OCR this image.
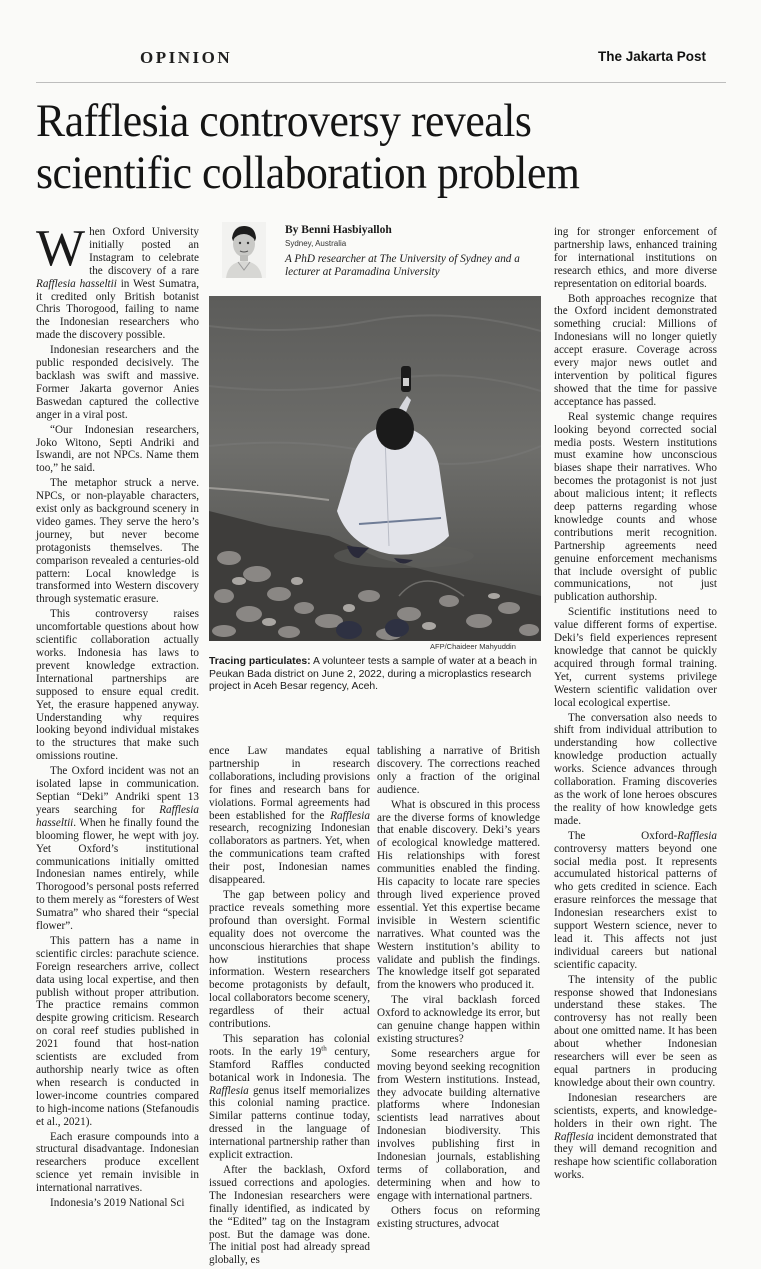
OPINION	The Jakarta Post
Rafflesia controversy reveals
scientific collaboration problem

When Oxford University initially posted an Instagram to celebrate the discovery of a rare Rafflesia hasseltii in West Sumatra, it credited only British botanist Chris Thorogood, failing to name the Indonesian researchers who made the discovery possible.

Indonesian researchers and the public responded decisively. The backlash was swift and massive. Former Jakarta governor Anies Baswedan captured the collective anger in a viral post.

“Our Indonesian researchers, Joko Witono, Septi Andriki and Iswandi, are not NPCs. Name them too,” he said.

The metaphor struck a nerve. NPCs, or non-playable characters, exist only as background scenery in video games. They serve the hero’s journey, but never become protagonists themselves. The comparison revealed a centuries-old pattern: Local knowledge is transformed into Western discovery through systematic erasure.

This controversy raises uncomfortable questions about how scientific collaboration actually works. Indonesia has laws to prevent knowledge extraction. International partnerships are supposed to ensure equal credit. Yet, the erasure happened anyway. Understanding why requires looking beyond individual mistakes to the structures that make such omissions routine.

The Oxford incident was not an isolated lapse in communication. Septian “Deki” Andriki spent 13 years searching for Rafflesia hasseltii. When he finally found the blooming flower, he wept with joy. Yet Oxford’s institutional communications initially omitted Indonesian names entirely, while Thorogood’s personal posts referred to them merely as “foresters of West Sumatra” who shared their “special flower”.

This pattern has a name in scientific circles: parachute science. Foreign researchers arrive, collect data using local expertise, and then publish without proper attribution. The practice remains common despite growing criticism. Research on coral reef studies published in 2021 found that host-nation scientists are excluded from authorship nearly twice as often when research is conducted in lower-income countries compared to high-income nations (Stefanoudis et al., 2021).

Each erasure compounds into a structural disadvantage. Indonesian researchers produce excellent science yet remain invisible in international narratives.

Indonesia’s 2019 National Sci

By Benni Hasbiyalloh
Sydney, Australia
A PhD researcher at The University of Sydney and a lecturer at Paramadina University
AFP/Chaideer Mahyuddin
Tracing particulates: A volunteer tests a sample of water at a beach in Peukan Bada district on June 2, 2022, during a microplastics research project in Aceh Besar regency, Aceh.

ence Law mandates equal partnership in research collaborations, including provisions for fines and research bans for violations. Formal agreements had been established for the Rafflesia research, recognizing Indonesian collaborators as partners. Yet, when the communications team crafted their post, Indonesian names disappeared.

The gap between policy and practice reveals something more profound than oversight. Formal equality does not overcome the unconscious hierarchies that shape how institutions process information. Western researchers become protagonists by default, local collaborators become scenery, regardless of their actual contributions.

This separation has colonial roots. In the early 19th century, Stamford Raffles conducted botanical work in Indonesia. The Rafflesia genus itself memorializes this colonial naming practice. Similar patterns continue today, dressed in the language of international partnership rather than explicit extraction.

After the backlash, Oxford issued corrections and apologies. The Indonesian researchers were finally identified, as indicated by the “Edited” tag on the Instagram post. But the damage was done. The initial post had already spread globally, es

tablishing a narrative of British discovery. The corrections reached only a fraction of the original audience.

What is obscured in this process are the diverse forms of knowledge that enable discovery. Deki’s years of ecological knowledge mattered. His relationships with forest communities enabled the finding. His capacity to locate rare species through lived experience proved essential. Yet this expertise became invisible in Western scientific narratives. What counted was the Western institution’s ability to validate and publish the findings. The knowledge itself got separated from the knowers who produced it.

The viral backlash forced Oxford to acknowledge its error, but can genuine change happen within existing structures?

Some researchers argue for moving beyond seeking recognition from Western institutions. Instead, they advocate building alternative platforms where Indonesian scientists lead narratives about Indonesian biodiversity. This involves publishing first in Indonesian journals, establishing terms of collaboration, and determining when and how to engage with international partners.

Others focus on reforming existing structures, advocat

ing for stronger enforcement of partnership laws, enhanced training for international institutions on research ethics, and more diverse representation on editorial boards.

Both approaches recognize that the Oxford incident demonstrated something crucial: Millions of Indonesians will no longer quietly accept erasure. Coverage across every major news outlet and intervention by political figures showed that the time for passive acceptance has passed.

Real systemic change requires looking beyond corrected social media posts. Western institutions must examine how unconscious biases shape their narratives. Who becomes the protagonist is not just about malicious intent; it reflects deep patterns regarding whose knowledge counts and whose contributions merit recognition. Partnership agreements need genuine enforcement mechanisms that include oversight of public communications, not just publication authorship.

Scientific institutions need to value different forms of expertise. Deki’s field experiences represent knowledge that cannot be quickly acquired through formal training. Yet, current systems privilege Western scientific validation over local ecological expertise.

The conversation also needs to shift from individual attribution to understanding how collective knowledge production actually works. Science advances through collaboration. Framing discoveries as the work of lone heroes obscures the reality of how knowledge gets made.

The Oxford-Rafflesia controversy matters beyond one social media post. It represents accumulated historical patterns of who gets credited in science. Each erasure reinforces the message that Indonesian researchers exist to support Western science, never to lead it. This affects not just individual careers but national scientific capacity.

The intensity of the public response showed that Indonesians understand these stakes. The controversy has not really been about one omitted name. It has been about whether Indonesian researchers will ever be seen as equal partners in producing knowledge about their own country.

Indonesian researchers are scientists, experts, and knowledge-holders in their own right. The Rafflesia incident demonstrated that they will demand recognition and reshape how scientific collaboration works.
